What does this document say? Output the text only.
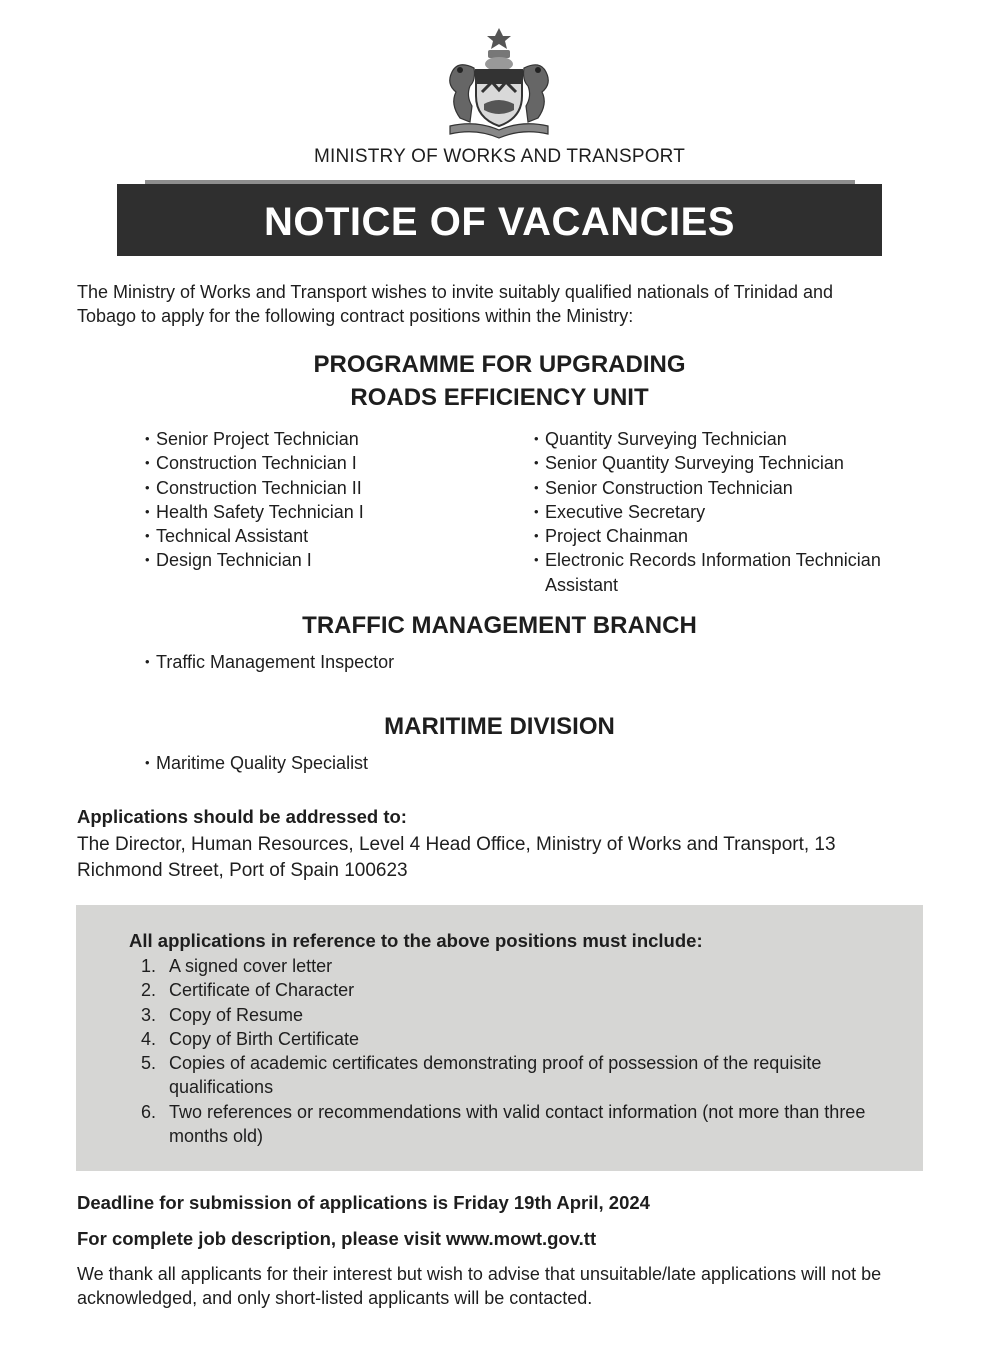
MINISTRY OF WORKS AND TRANSPORT
NOTICE OF VACANCIES
The Ministry of Works and Transport wishes to invite suitably qualified nationals of Trinidad and Tobago to apply for the following contract positions within the Ministry:
PROGRAMME FOR UPGRADING
ROADS EFFICIENCY UNIT
• Senior Project Technician
• Construction Technician I
• Construction Technician II
• Health Safety Technician I
• Technical Assistant
• Design Technician I
• Quantity Surveying Technician
• Senior Quantity Surveying Technician
• Senior Construction Technician
• Executive Secretary
• Project Chainman
• Electronic Records Information Technician Assistant
TRAFFIC MANAGEMENT BRANCH
• Traffic Management Inspector
MARITIME DIVISION
• Maritime Quality Specialist
Applications should be addressed to:
The Director, Human Resources, Level 4 Head Office, Ministry of Works and Transport, 13 Richmond Street, Port of Spain 100623
All applications in reference to the above positions must include:
1. A signed cover letter
2. Certificate of Character
3. Copy of Resume
4. Copy of Birth Certificate
5. Copies of academic certificates demonstrating proof of possession of the requisite qualifications
6. Two references or recommendations with valid contact information (not more than three months old)
Deadline for submission of applications is Friday 19th April, 2024
For complete job description, please visit www.mowt.gov.tt
We thank all applicants for their interest but wish to advise that unsuitable/late applications will not be acknowledged, and only short-listed applicants will be contacted.
